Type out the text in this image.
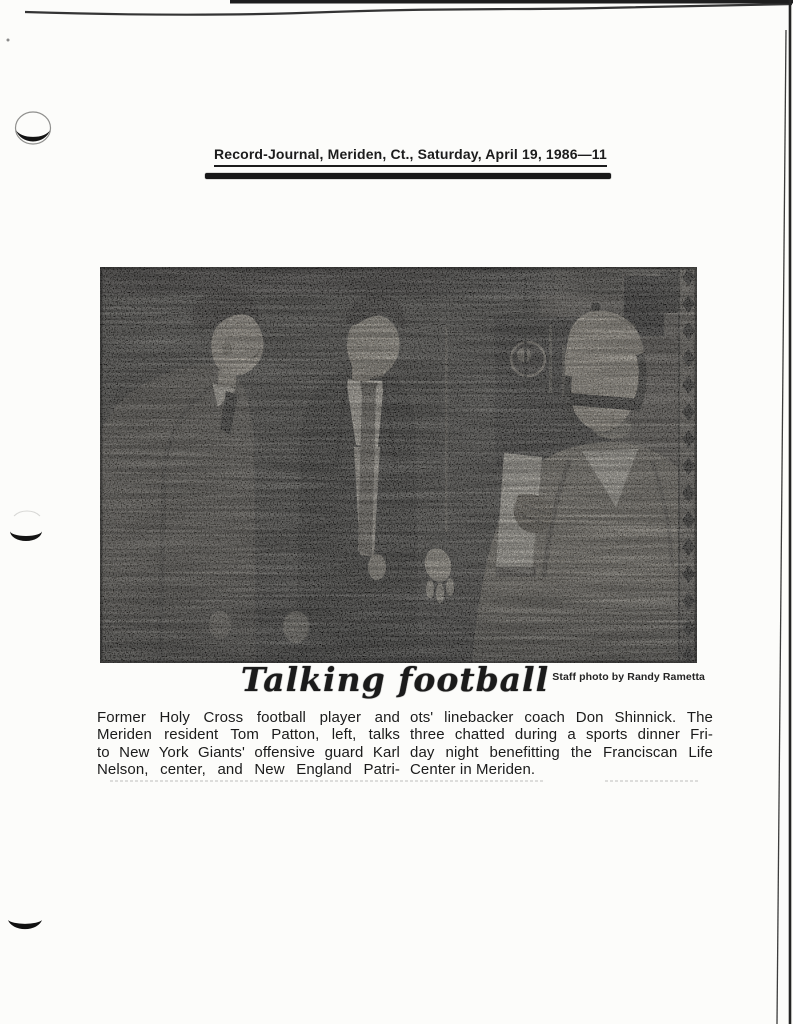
Record-Journal, Meriden, Ct., Saturday, April 19, 1986—11
Talking football Staff photo by Randy Rametta
Former Holy Cross football player and
Meriden resident Tom Patton, left, talks
to New York Giants' offensive guard Karl
Nelson, center, and New England Patri-
ots' linebacker coach Don Shinnick. The
three chatted during a sports dinner Fri-
day night benefitting the Franciscan Life
Center in Meriden.
